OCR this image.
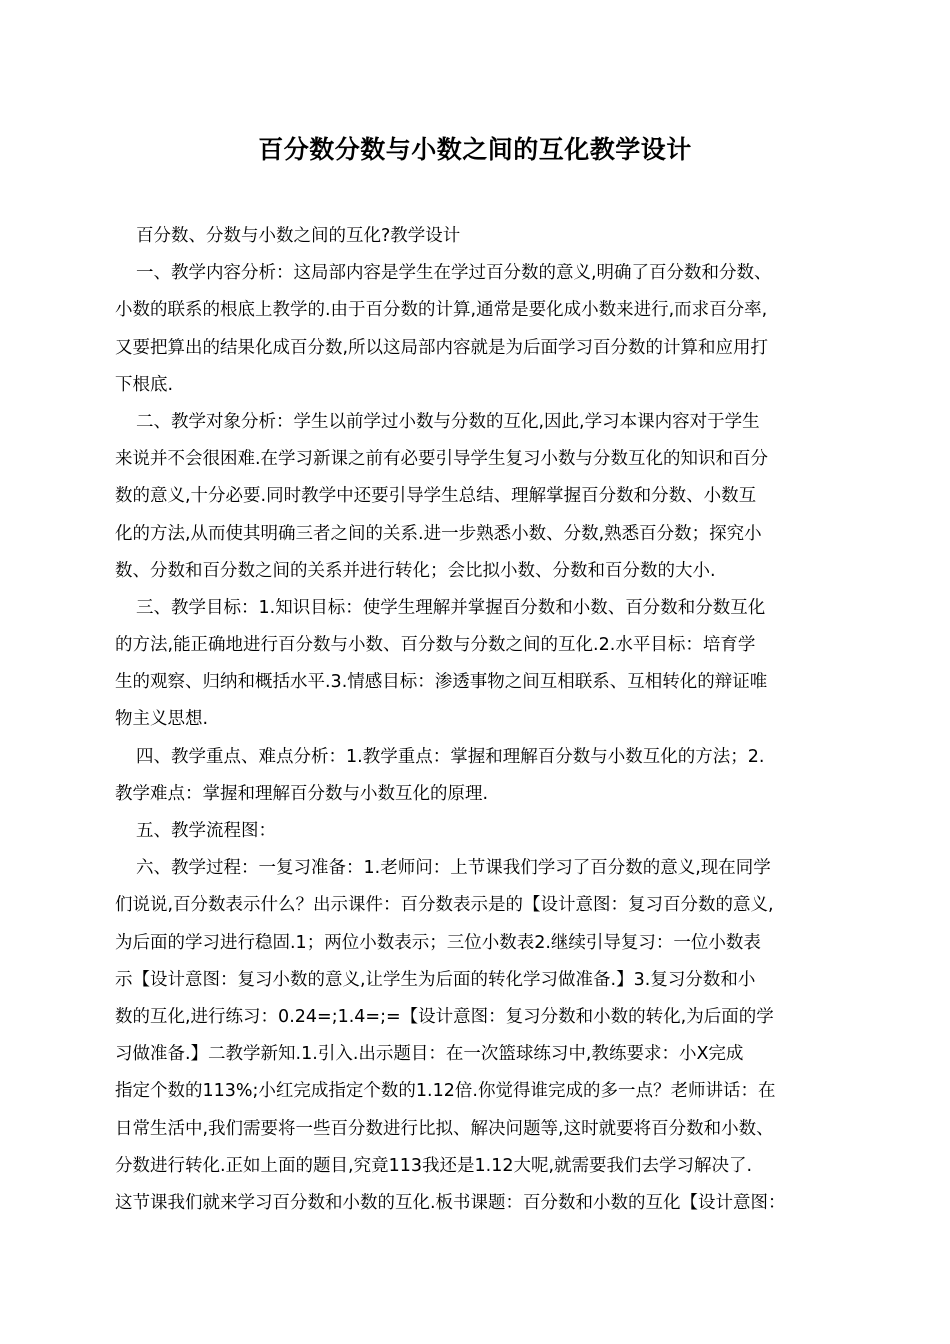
百分数分数与小数之间的互化教学设计
百分数、分数与小数之间的互化?教学设计
一、教学内容分析：这局部内容是学生在学过百分数的意义,明确了百分数和分数、
小数的联系的根底上教学的.由于百分数的计算,通常是要化成小数来进行,而求百分率,
又要把算出的结果化成百分数,所以这局部内容就是为后面学习百分数的计算和应用打
下根底.
二、教学对象分析：学生以前学过小数与分数的互化,因此,学习本课内容对于学生
来说并不会很困难.在学习新课之前有必要引导学生复习小数与分数互化的知识和百分
数的意义,十分必要.同时教学中还要引导学生总结、理解掌握百分数和分数、小数互
化的方法,从而使其明确三者之间的关系.进一步熟悉小数、分数,熟悉百分数；探究小
数、分数和百分数之间的关系并进行转化；会比拟小数、分数和百分数的大小.
三、教学目标：1.知识目标：使学生理解并掌握百分数和小数、百分数和分数互化
的方法,能正确地进行百分数与小数、百分数与分数之间的互化.2.水平目标：培育学
生的观察、归纳和概括水平.3.情感目标：渗透事物之间互相联系、互相转化的辩证唯
物主义思想.
四、教学重点、难点分析：1.教学重点：掌握和理解百分数与小数互化的方法；2.
教学难点：掌握和理解百分数与小数互化的原理.
五、教学流程图：
六、教学过程：一复习准备：1.老师问：上节课我们学习了百分数的意义,现在同学
们说说,百分数表示什么？出示课件：百分数表示是的【设计意图：复习百分数的意义,
为后面的学习进行稳固.1；两位小数表示；三位小数表2.继续引导复习：一位小数表
示【设计意图：复习小数的意义,让学生为后面的转化学习做准备.】3.复习分数和小
数的互化,进行练习：0.24=;1.4=;=【设计意图：复习分数和小数的转化,为后面的学
习做准备.】二教学新知.1.引入.出示题目：在一次篮球练习中,教练要求：小X完成
指定个数的113%;小红完成指定个数的1.12倍.你觉得谁完成的多一点？老师讲话：在
日常生活中,我们需要将一些百分数进行比拟、解决问题等,这时就要将百分数和小数、
分数进行转化.正如上面的题目,究竟113我还是1.12大呢,就需要我们去学习解决了.
这节课我们就来学习百分数和小数的互化.板书课题：百分数和小数的互化【设计意图：
